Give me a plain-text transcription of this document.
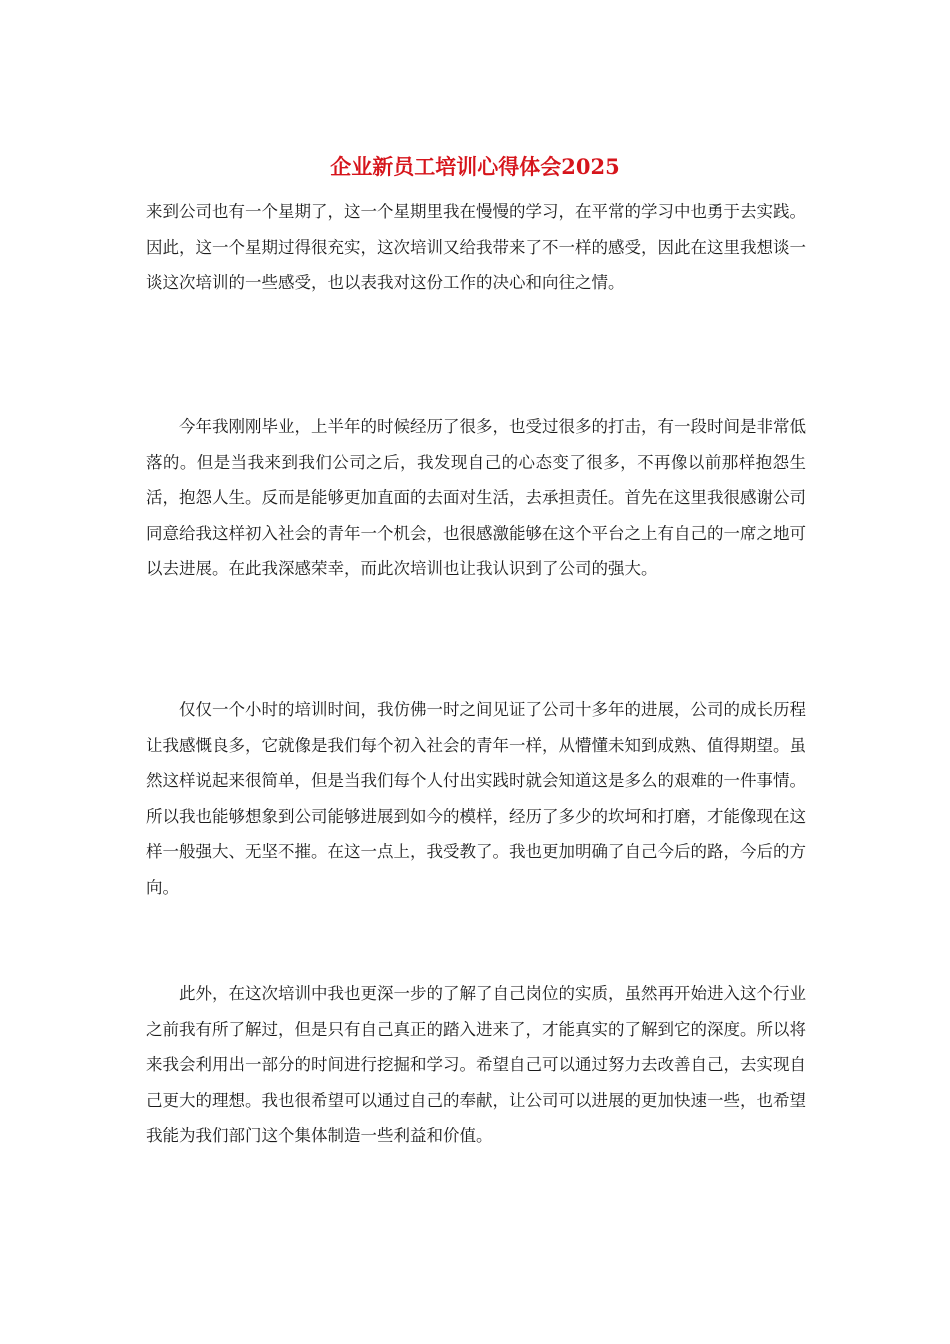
企业新员工培训心得体会2025

来到公司也有一个星期了，这一个星期里我在慢慢的学习，在平常的学习中也勇于去实践。因此，这一个星期过得很充实，这次培训又给我带来了不一样的感受，因此在这里我想谈一谈这次培训的一些感受，也以表我对这份工作的决心和向往之情。

今年我刚刚毕业，上半年的时候经历了很多，也受过很多的打击，有一段时间是非常低落的。但是当我来到我们公司之后，我发现自己的心态变了很多，不再像以前那样抱怨生活，抱怨人生。反而是能够更加直面的去面对生活，去承担责任。首先在这里我很感谢公司同意给我这样初入社会的青年一个机会，也很感激能够在这个平台之上有自己的一席之地可以去进展。在此我深感荣幸，而此次培训也让我认识到了公司的强大。

仅仅一个小时的培训时间，我仿佛一时之间见证了公司十多年的进展，公司的成长历程让我感慨良多，它就像是我们每个初入社会的青年一样，从懵懂未知到成熟、值得期望。虽然这样说起来很简单，但是当我们每个人付出实践时就会知道这是多么的艰难的一件事情。所以我也能够想象到公司能够进展到如今的模样，经历了多少的坎坷和打磨，才能像现在这样一般强大、无坚不摧。在这一点上，我受教了。我也更加明确了自己今后的路，今后的方向。

此外，在这次培训中我也更深一步的了解了自己岗位的实质，虽然再开始进入这个行业之前我有所了解过，但是只有自己真正的踏入进来了，才能真实的了解到它的深度。所以将来我会利用出一部分的时间进行挖掘和学习。希望自己可以通过努力去改善自己，去实现自己更大的理想。我也很希望可以通过自己的奉献，让公司可以进展的更加快速一些，也希望我能为我们部门这个集体制造一些利益和价值。
